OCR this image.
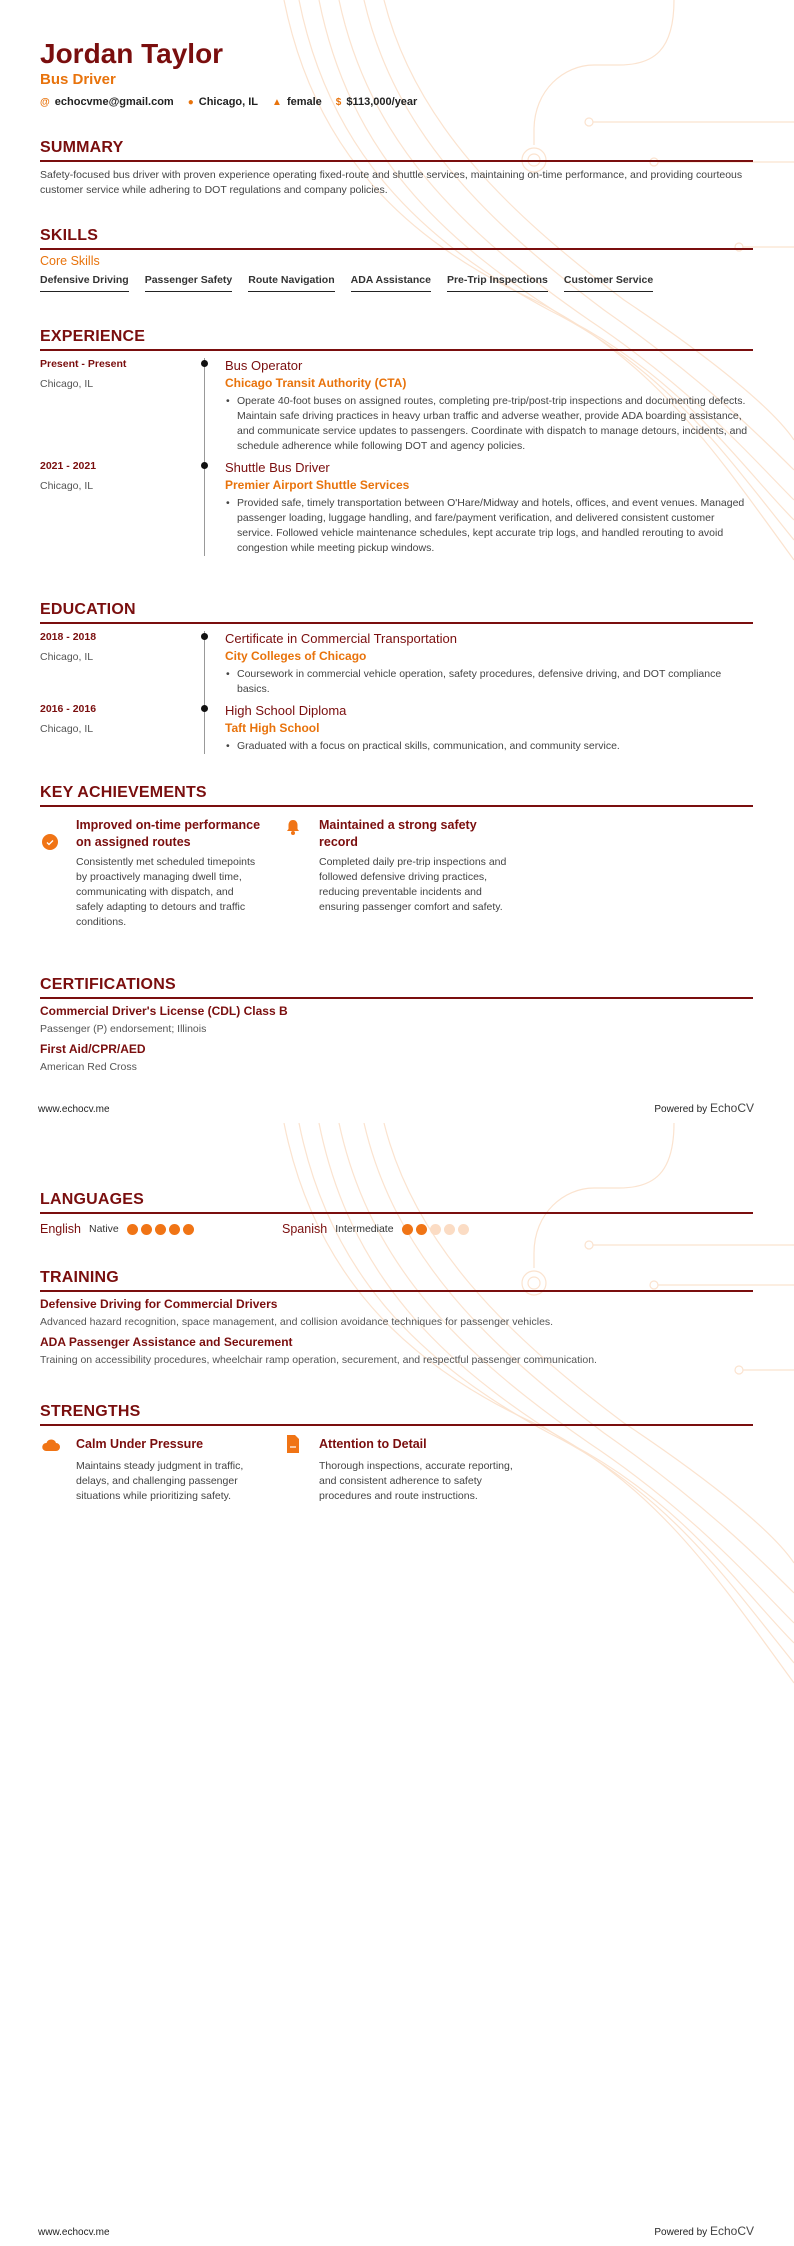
Jordan Taylor
Bus Driver
@ echocvme@gmail.com ● Chicago, IL ▲ female $ $113,000/year
SUMMARY

Safety-focused bus driver with proven experience operating fixed-route and shuttle services, maintaining on-time performance, and providing courteous customer service while adhering to DOT regulations and company policies.

SKILLS
Core Skills
Defensive Driving Passenger Safety Route Navigation ADA Assistance Pre-Trip Inspections Customer Service
EXPERIENCE
Present - Present
Chicago, IL
Bus Operator
Chicago Transit Authority (CTA)
• Operate 40-foot buses on assigned routes, completing pre-trip/post-trip inspections and documenting defects. Maintain safe driving practices in heavy urban traffic and adverse weather, provide ADA boarding assistance, and communicate service updates to passengers. Coordinate with dispatch to manage detours, incidents, and schedule adherence while following DOT and agency policies.
2021 - 2021
Chicago, IL
Shuttle Bus Driver
Premier Airport Shuttle Services
• Provided safe, timely transportation between O'Hare/Midway and hotels, offices, and event venues. Managed passenger loading, luggage handling, and fare/payment verification, and delivered consistent customer service. Followed vehicle maintenance schedules, kept accurate trip logs, and handled rerouting to avoid congestion while meeting pickup windows.
EDUCATION
2018 - 2018
Chicago, IL
Certificate in Commercial Transportation
City Colleges of Chicago
• Coursework in commercial vehicle operation, safety procedures, defensive driving, and DOT compliance basics.
2016 - 2016
Chicago, IL
High School Diploma
Taft High School
• Graduated with a focus on practical skills, communication, and community service.
KEY ACHIEVEMENTS
Improved on-time performance on assigned routes
Consistently met scheduled timepoints by proactively managing dwell time, communicating with dispatch, and safely adapting to detours and traffic conditions.
Maintained a strong safety record
Completed daily pre-trip inspections and followed defensive driving practices, reducing preventable incidents and ensuring passenger comfort and safety.
CERTIFICATIONS
Commercial Driver's License (CDL) Class B
Passenger (P) endorsement; Illinois
First Aid/CPR/AED
American Red Cross
www.echocv.me	Powered by EchoCV
LANGUAGES
English Native	Spanish Intermediate
TRAINING
Defensive Driving for Commercial Drivers
Advanced hazard recognition, space management, and collision avoidance techniques for passenger vehicles.
ADA Passenger Assistance and Securement
Training on accessibility procedures, wheelchair ramp operation, securement, and respectful passenger communication.
STRENGTHS
Calm Under Pressure
Maintains steady judgment in traffic, delays, and challenging passenger situations while prioritizing safety.
Attention to Detail
Thorough inspections, accurate reporting, and consistent adherence to safety procedures and route instructions.
www.echocv.me	Powered by EchoCV
